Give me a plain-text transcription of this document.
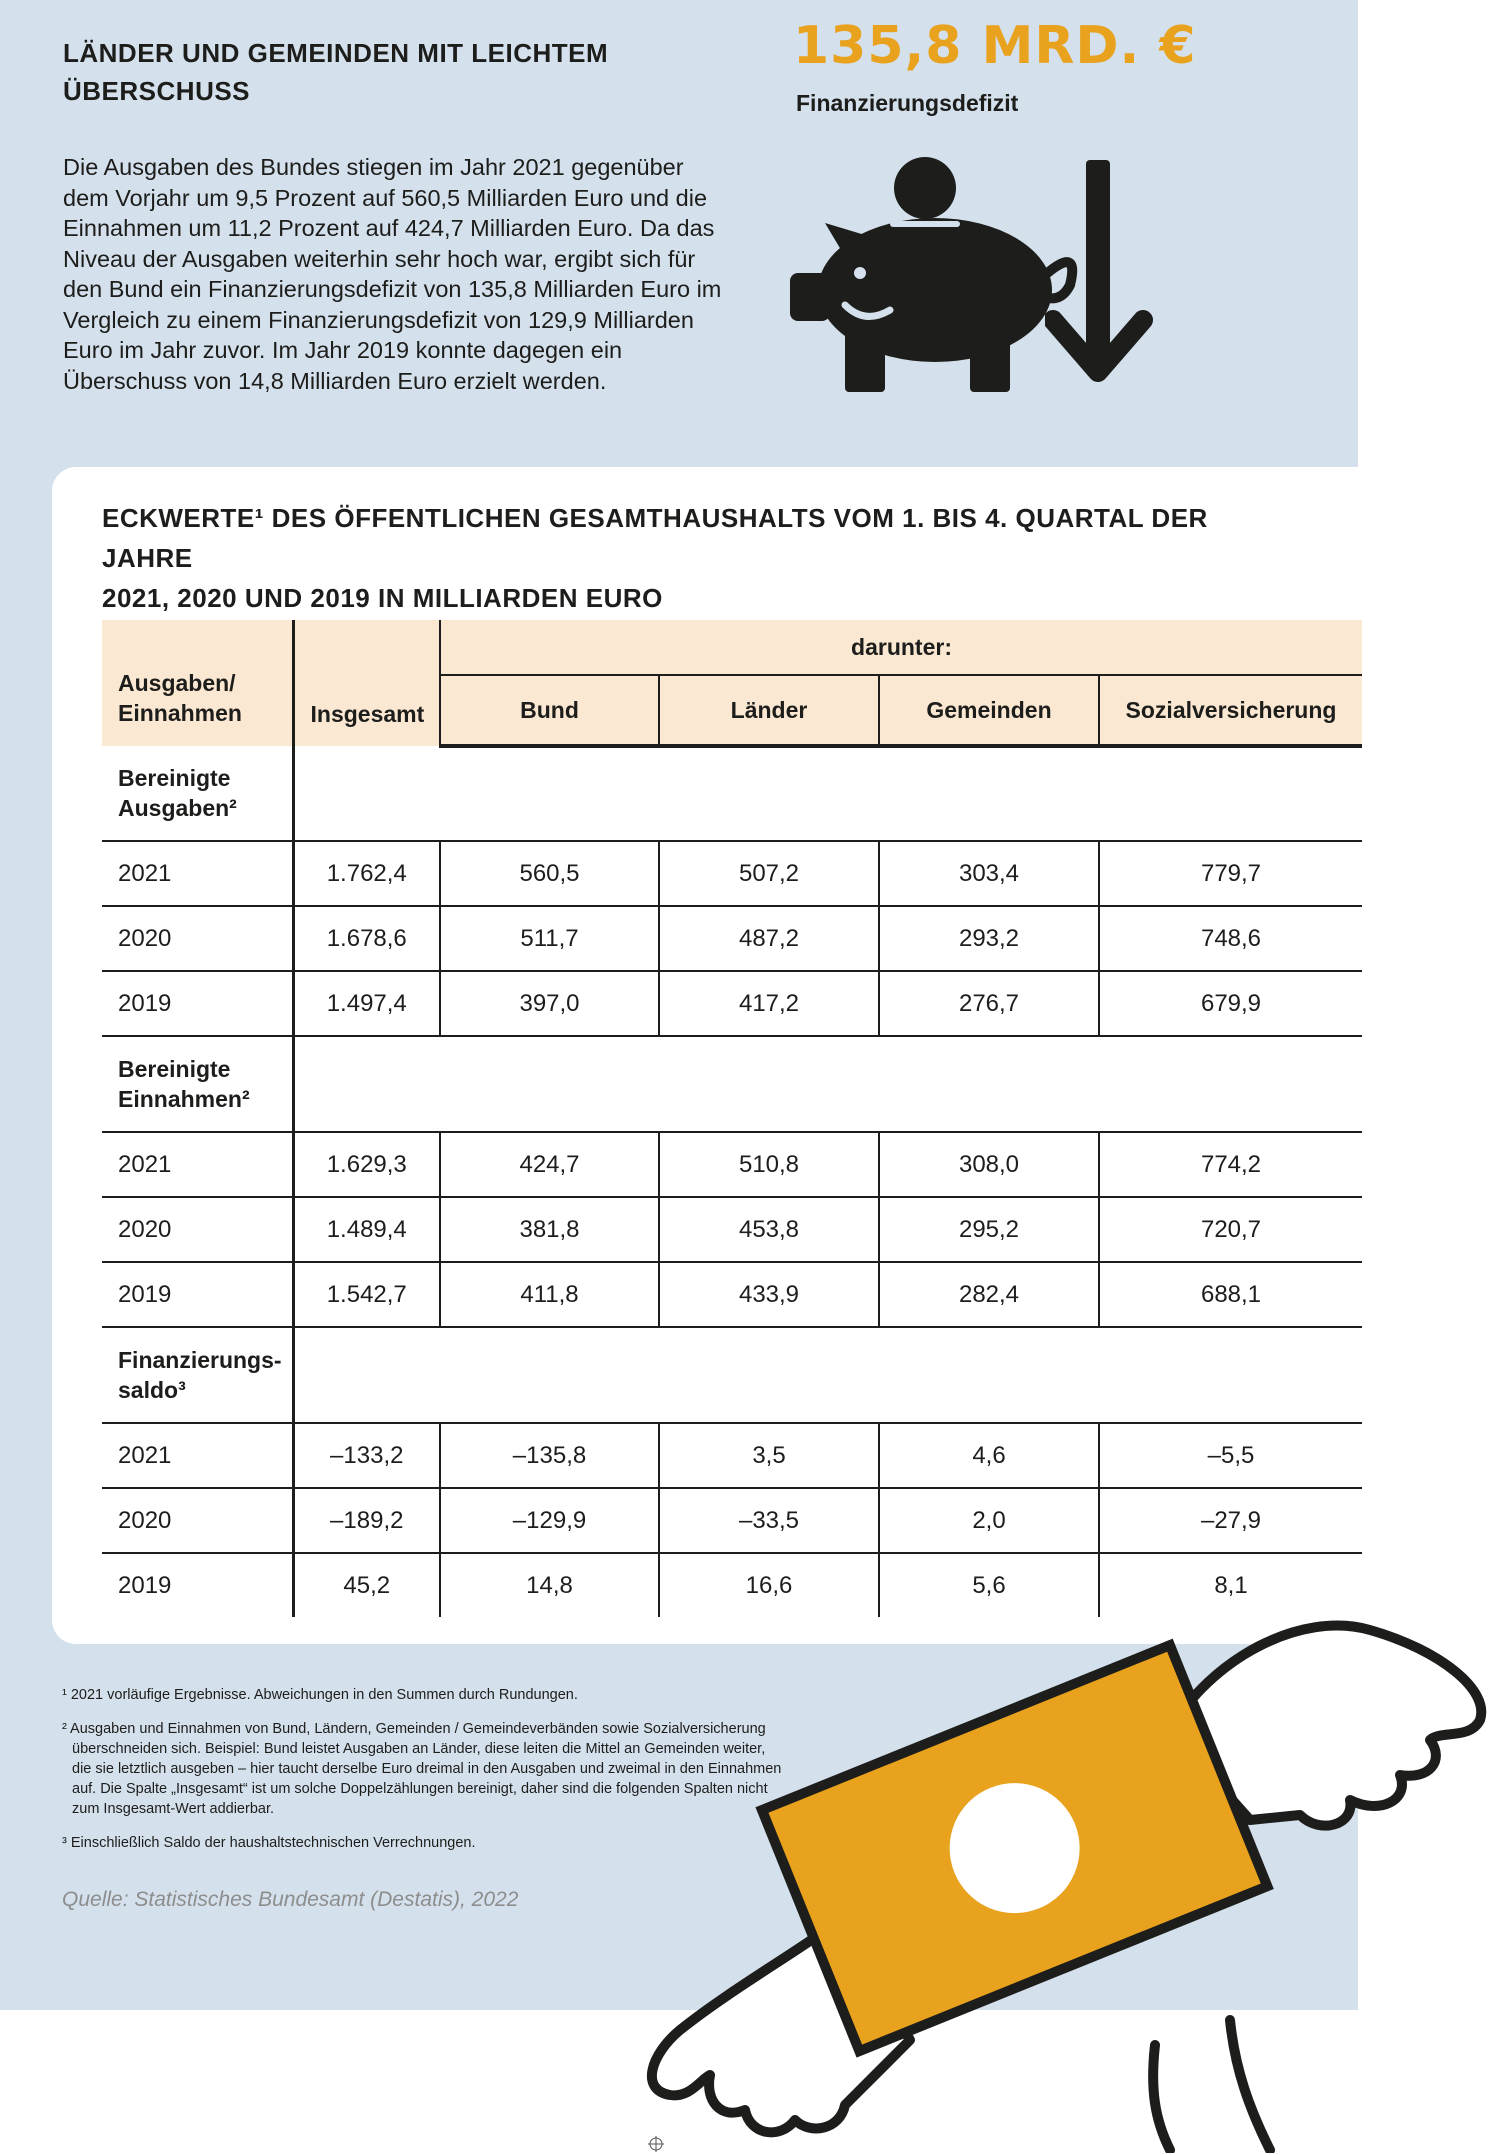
LÄNDER UND GEMEINDEN MIT LEICHTEM ÜBERSCHUSS
Die Ausgaben des Bundes stiegen im Jahr 2021 gegenüber dem Vorjahr um 9,5 Prozent auf 560,5 Milliarden Euro und die Einnahmen um 11,2 Prozent auf 424,7 Milliarden Euro. Da das Niveau der Ausgaben weiterhin sehr hoch war, ergibt sich für den Bund ein Finanzierungsdefizit von 135,8 Milliarden Euro im Vergleich zu einem Finanzierungsdefizit von 129,9 Milliarden Euro im Jahr zuvor. Im Jahr 2019 konnte dagegen ein Überschuss von 14,8 Milliarden Euro erzielt werden.
135,8 MRD. €
Finanzierungsdefizit
ECKWERTE¹ DES ÖFFENTLICHEN GESAMTHAUSHALTS VOM 1. BIS 4. QUARTAL DER JAHRE
2021, 2020 UND 2019 IN MILLIARDEN EURO
Ausgaben/
Einnahmen	Insgesamt	darunter:			
		Bund	Länder	Gemeinden	Sozialversicherung

Bereinigte
Ausgaben²					

2021	1.762,4	560,5	507,2	303,4	779,7
2020	1.678,6	511,7	487,2	293,2	748,6
2019	1.497,4	397,0	417,2	276,7	679,9

Bereinigte
Einnahmen²					

2021	1.629,3	424,7	510,8	308,0	774,2
2020	1.489,4	381,8	453,8	295,2	720,7
2019	1.542,7	411,8	433,9	282,4	688,1

Finanzierungs-
saldo³					

2021	–133,2	–135,8	3,5	4,6	–5,5
2020	–189,2	–129,9	–33,5	2,0	–27,9
2019	45,2	14,8	16,6	5,6	8,1

¹ 2021 vorläufige Ergebnisse. Abweichungen in den Summen durch Rundungen.

² Ausgaben und Einnahmen von Bund, Ländern, Gemeinden / Gemeindeverbänden sowie Sozialversicherung überschneiden sich. Beispiel: Bund leistet Ausgaben an Länder, diese leiten die Mittel an Gemeinden weiter, die sie letztlich ausgeben – hier taucht derselbe Euro dreimal in den Ausgaben und zweimal in den Einnahmen auf. Die Spalte „Insgesamt“ ist um solche Doppelzählungen bereinigt, daher sind die folgenden Spalten nicht zum Insgesamt-Wert addierbar.

³ Einschließlich Saldo der haushaltstechnischen Verrechnungen.

Quelle: Statistisches Bundesamt (Destatis), 2022
